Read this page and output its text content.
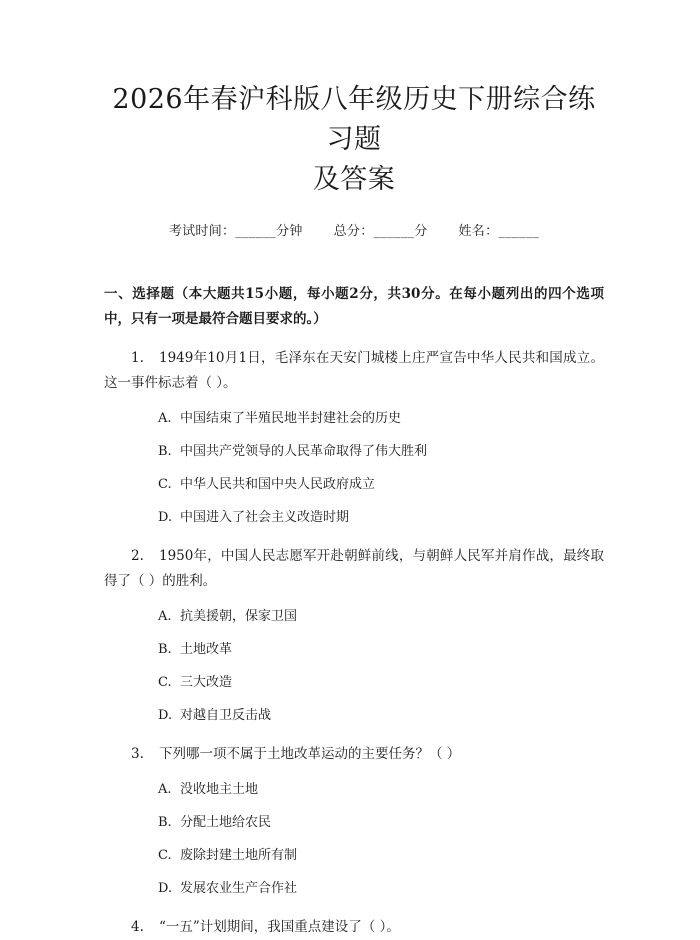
2026年春沪科版八年级历史下册综合练习题
及答案
考试时间：______分钟 总分：______分 姓名：______
一、选择题（本大题共15小题，每小题2分，共30分。在每小题列出的四个选项中，只有一项是最符合题目要求的。）
1. 1949年10月1日，毛泽东在天安门城楼上庄严宣告中华人民共和国成立。这一事件标志着（ ）。
A. 中国结束了半殖民地半封建社会的历史
B. 中国共产党领导的人民革命取得了伟大胜利
C. 中华人民共和国中央人民政府成立
D. 中国进入了社会主义改造时期
2. 1950年，中国人民志愿军开赴朝鲜前线，与朝鲜人民军并肩作战，最终取得了（ ）的胜利。
A. 抗美援朝，保家卫国
B. 土地改革
C. 三大改造
D. 对越自卫反击战
3. 下列哪一项不属于土地改革运动的主要任务？（ ）
A. 没收地主土地
B. 分配土地给农民
C. 废除封建土地所有制
D. 发展农业生产合作社
4. “一五”计划期间，我国重点建设了（ ）。
